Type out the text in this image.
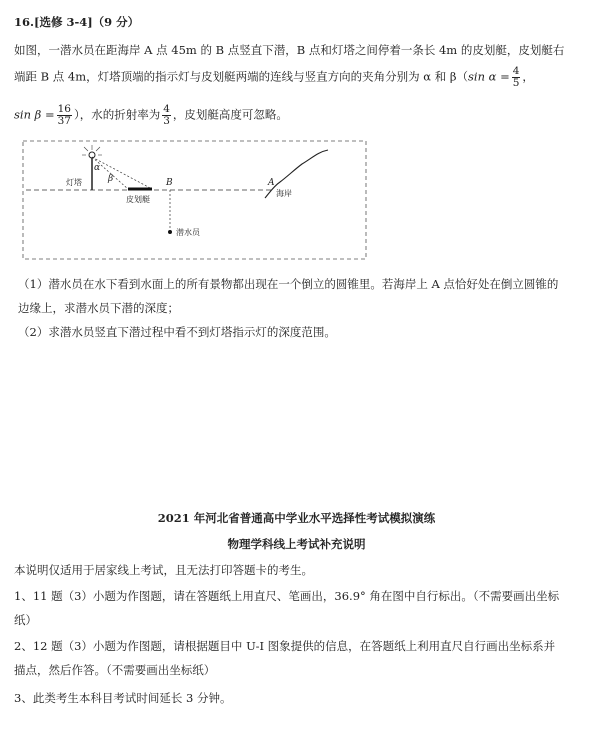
16.[选修 3-4]（9 分）
如图，一潜水员在距海岸 A 点 45m 的 B 点竖直下潜，B 点和灯塔之间停着一条长 4m 的皮划艇，皮划艇右
端距 B 点 4m，灯塔顶端的指示灯与皮划艇两端的连线与竖直方向的夹角分别为 α 和 β（sin $\alpha = \frac{4}{5}$ ，
$\sin \beta = \frac{16}{37}$ ），水的折射率为 $\frac{4}{3}$ ，皮划艇高度可忽略。
灯塔
α
β
皮划艇
B
潜水员
A
海岸
（1）潜水员在水下看到水面上的所有景物都出现在一个倒立的圆锥里。若海岸上 A 点恰好处在倒立圆锥的
边缘上，求潜水员下潜的深度；
（2）求潜水员竖直下潜过程中看不到灯塔指示灯的深度范围。
2021 年河北省普通高中学业水平选择性考试模拟演练
物理学科线上考试补充说明
本说明仅适用于居家线上考试，且无法打印答题卡的考生。
1、11 题（3）小题为作图题，请在答题纸上用直尺、笔画出，36.9° 角在图中自行标出。（不需要画出坐标
纸）
2、12 题（3）小题为作图题，请根据题目中 U-I 图象提供的信息，在答题纸上利用直尺自行画出坐标系并
描点，然后作答。（不需要画出坐标纸）
3、此类考生本科目考试时间延长 3 分钟。
